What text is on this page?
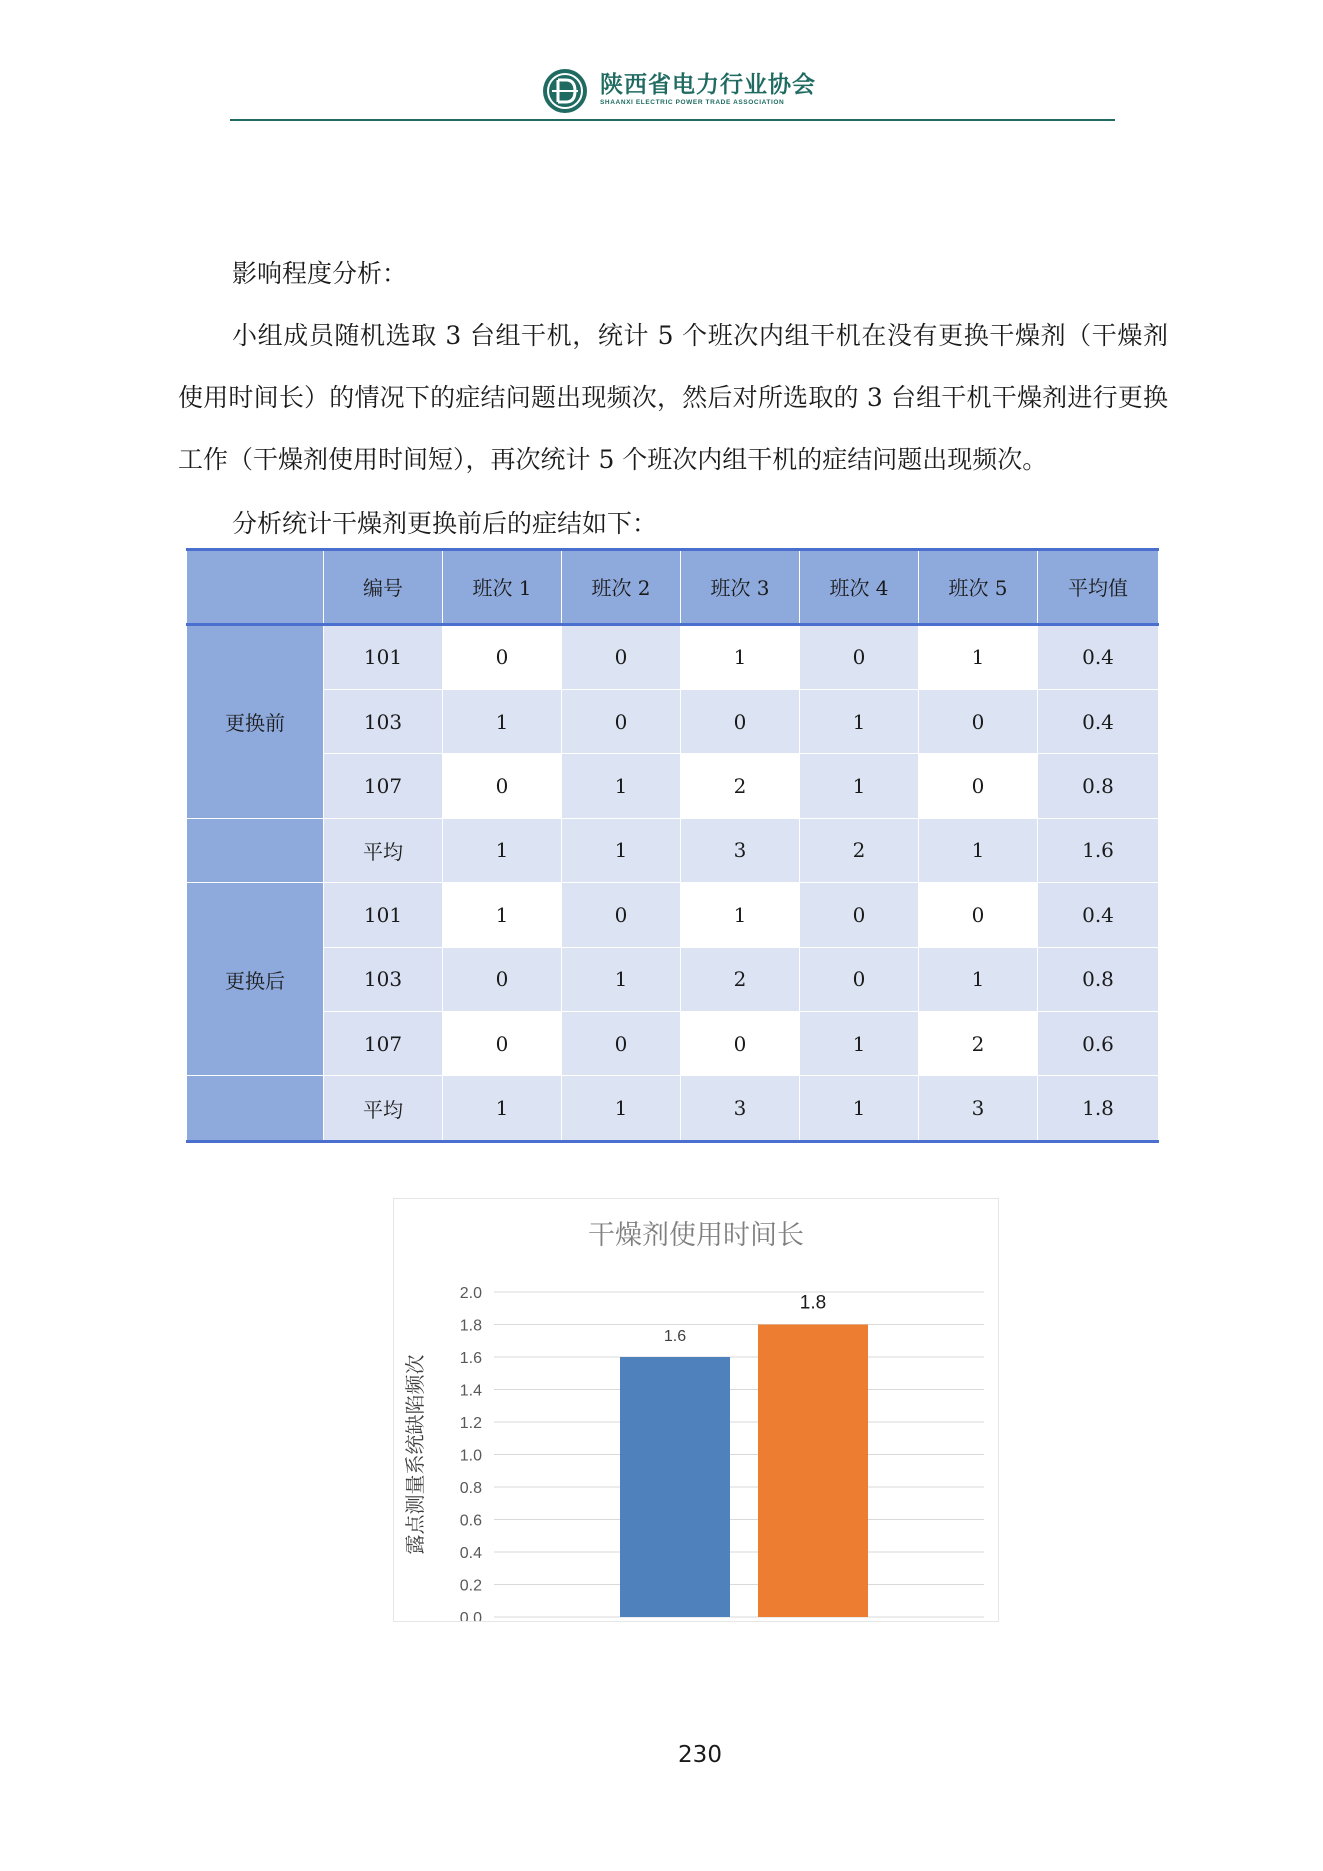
陕西省电力行业协会
SHAANXI ELECTRIC POWER TRADE ASSOCIATION
影响程度分析：
小组成员随机选取 3 台组干机，统计 5 个班次内组干机在没有更换干燥剂（干燥剂使用时间长）的情况下的症结问题出现频次，然后对所选取的 3 台组干机干燥剂进行更换工作（干燥剂使用时间短），再次统计 5 个班次内组干机的症结问题出现频次。
分析统计干燥剂更换前后的症结如下：
	编号	班次 1	班次 2	班次 3	班次 4	班次 5	平均值
更换前	101	0	0	1	0	1	0.4
	103	1	0	0	1	0	0.4
	107	0	1	2	1	0	0.8
	平均	1	1	3	2	1	1.6
更换后	101	1	0	1	0	0	0.4
	103	0	1	2	0	1	0.8
	107	0	0	0	1	2	0.6
	平均	1	1	3	1	3	1.8
干燥剂使用时间长
0.0
0.2
0.4
0.6
0.8
1.0
1.2
1.4
1.6
1.8
2.0
露点测量系统缺陷频次
1.6
1.8
230
